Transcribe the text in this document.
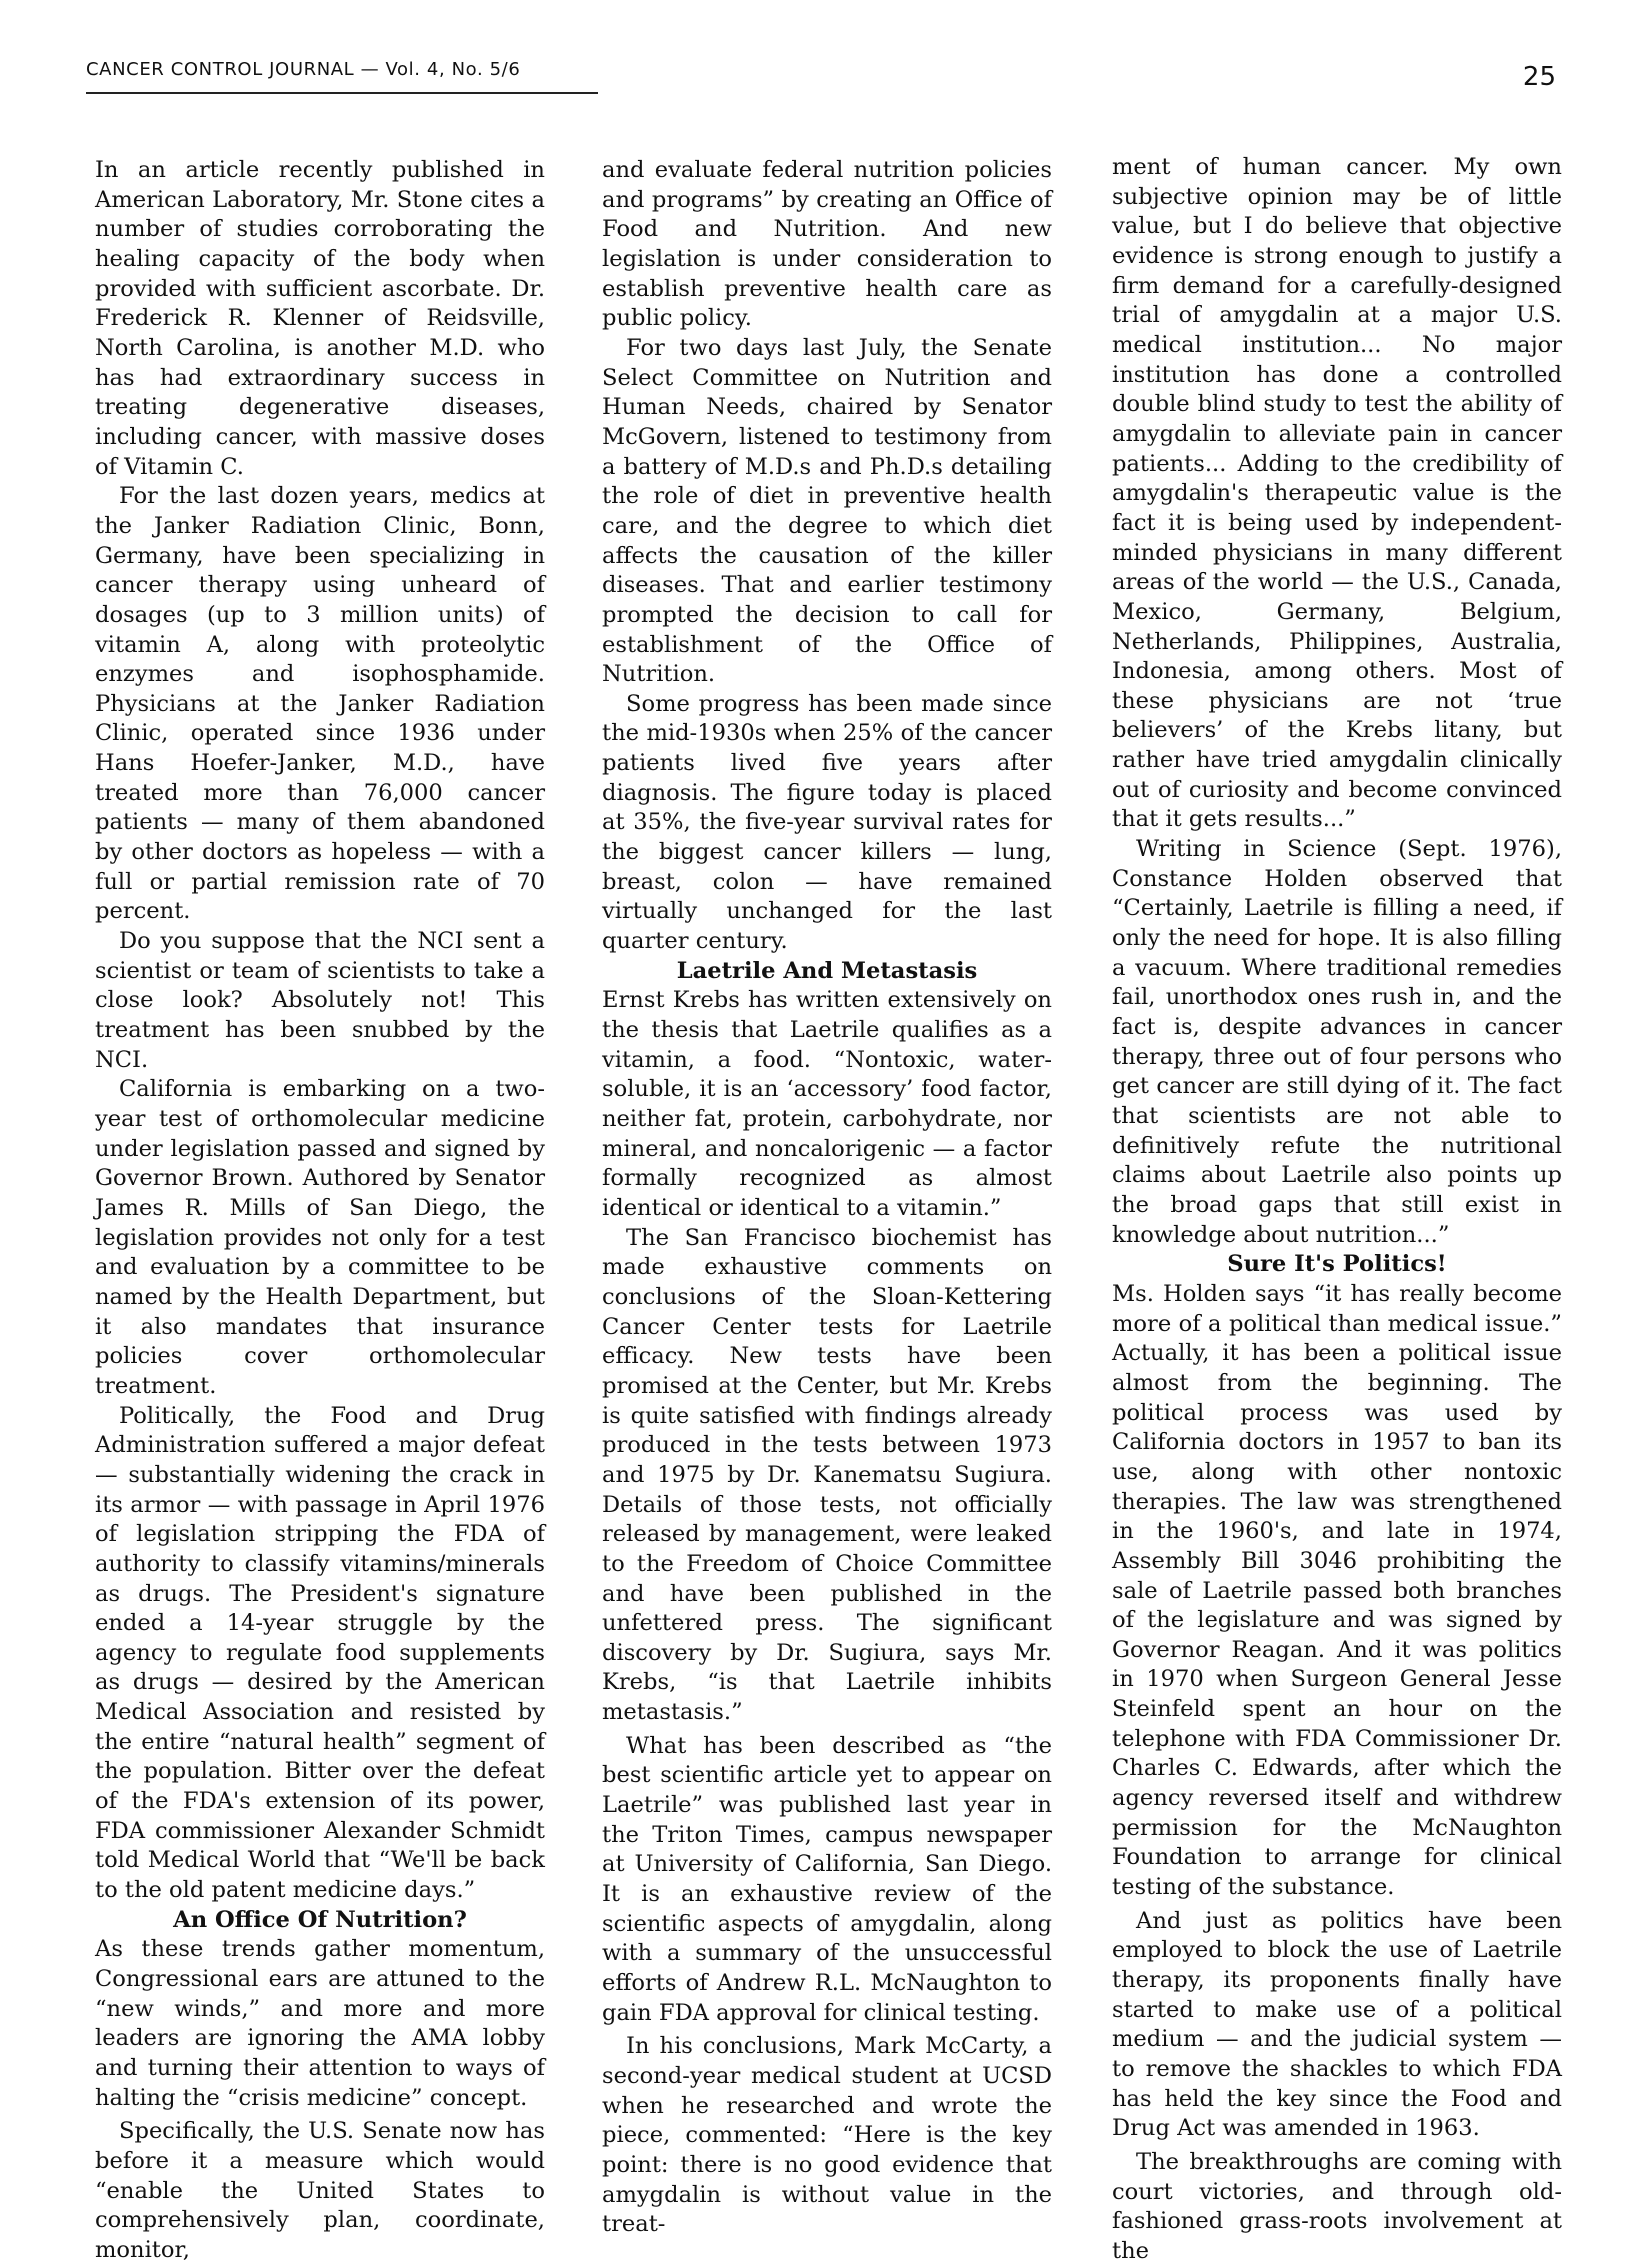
CANCER CONTROL JOURNAL — Vol. 4, No. 5/6	25

In an article recently published in American Laboratory, Mr. Stone cites a number of studies corroborating the healing capacity of the body when provided with sufficient ascorbate. Dr. Frederick R. Klenner of Reidsville, North Carolina, is another M.D. who has had extraordinary success in treating degenerative diseases, including cancer, with massive doses of Vitamin C.

For the last dozen years, medics at the Janker Radiation Clinic, Bonn, Germany, have been specializing in cancer therapy using unheard of dosages (up to 3 million units) of vitamin A, along with proteolytic enzymes and isophosphamide. Physicians at the Janker Radiation Clinic, operated since 1936 under Hans Hoefer-Janker, M.D., have treated more than 76,000 cancer patients — many of them abandoned by other doctors as hopeless — with a full or partial remission rate of 70 percent.

Do you suppose that the NCI sent a scientist or team of scientists to take a close look? Absolutely not! This treatment has been snubbed by the NCI.

California is embarking on a two-year test of orthomolecular medicine under legislation passed and signed by Governor Brown. Authored by Senator James R. Mills of San Diego, the legislation provides not only for a test and evaluation by a committee to be named by the Health Department, but it also mandates that insurance policies cover orthomolecular treatment.

Politically, the Food and Drug Administration suffered a major defeat — substantially widening the crack in its armor — with passage in April 1976 of legislation stripping the FDA of authority to classify vitamins/minerals as drugs. The President's signature ended a 14-year struggle by the agency to regulate food supplements as drugs — desired by the American Medical Association and resisted by the entire “natural health” segment of the population. Bitter over the defeat of the FDA's extension of its power, FDA commissioner Alexander Schmidt told Medical World that “We'll be back to the old patent medicine days.”

An Office Of Nutrition?

As these trends gather momentum, Congressional ears are attuned to the “new winds,” and more and more leaders are ignoring the AMA lobby and turning their attention to ways of halting the “crisis medicine” concept.

Specifically, the U.S. Senate now has before it a measure which would “enable the United States to comprehensively plan, coordinate, monitor,

and evaluate federal nutrition policies and programs” by creating an Office of Food and Nutrition. And new legislation is under consideration to establish preventive health care as public policy.

For two days last July, the Senate Select Committee on Nutrition and Human Needs, chaired by Senator McGovern, listened to testimony from a battery of M.D.s and Ph.D.s detailing the role of diet in preventive health care, and the degree to which diet affects the causation of the killer diseases. That and earlier testimony prompted the decision to call for establishment of the Office of Nutrition.

Some progress has been made since the mid-1930s when 25% of the cancer patients lived five years after diagnosis. The figure today is placed at 35%, the five-year survival rates for the biggest cancer killers — lung, breast, colon — have remained virtually unchanged for the last quarter century.

Laetrile And Metastasis

Ernst Krebs has written extensively on the thesis that Laetrile qualifies as a vitamin, a food. “Nontoxic, water-soluble, it is an ‘accessory’ food factor, neither fat, protein, carbohydrate, nor mineral, and noncalorigenic — a factor formally recognized as almost identical or identical to a vitamin.”

The San Francisco biochemist has made exhaustive comments on conclusions of the Sloan-Kettering Cancer Center tests for Laetrile efficacy. New tests have been promised at the Center, but Mr. Krebs is quite satisfied with findings already produced in the tests between 1973 and 1975 by Dr. Kanematsu Sugiura. Details of those tests, not officially released by management, were leaked to the Freedom of Choice Committee and have been published in the unfettered press. The significant discovery by Dr. Sugiura, says Mr. Krebs, “is that Laetrile inhibits metastasis.”

What has been described as “the best scientific article yet to appear on Laetrile” was published last year in the Triton Times, campus newspaper at University of California, San Diego. It is an exhaustive review of the scientific aspects of amygdalin, along with a summary of the unsuccessful efforts of Andrew R.L. McNaughton to gain FDA approval for clinical testing.

In his conclusions, Mark McCarty, a second-year medical student at UCSD when he researched and wrote the piece, commented: “Here is the key point: there is no good evidence that amygdalin is without value in the treat-

ment of human cancer. My own subjective opinion may be of little value, but I do believe that objective evidence is strong enough to justify a firm demand for a carefully-designed trial of amygdalin at a major U.S. medical institution... No major institution has done a controlled double blind study to test the ability of amygdalin to alleviate pain in cancer patients... Adding to the credibility of amygdalin's therapeutic value is the fact it is being used by independent-minded physicians in many different areas of the world — the U.S., Canada, Mexico, Germany, Belgium, Netherlands, Philippines, Australia, Indonesia, among others. Most of these physicians are not ‘true believers’ of the Krebs litany, but rather have tried amygdalin clinically out of curiosity and become convinced that it gets results...”

Writing in Science (Sept. 1976), Constance Holden observed that “Certainly, Laetrile is filling a need, if only the need for hope. It is also filling a vacuum. Where traditional remedies fail, unorthodox ones rush in, and the fact is, despite advances in cancer therapy, three out of four persons who get cancer are still dying of it. The fact that scientists are not able to definitively refute the nutritional claims about Laetrile also points up the broad gaps that still exist in knowledge about nutrition...”

Sure It's Politics!

Ms. Holden says “it has really become more of a political than medical issue.” Actually, it has been a political issue almost from the beginning. The political process was used by California doctors in 1957 to ban its use, along with other nontoxic therapies. The law was strengthened in the 1960's, and late in 1974, Assembly Bill 3046 prohibiting the sale of Laetrile passed both branches of the legislature and was signed by Governor Reagan. And it was politics in 1970 when Surgeon General Jesse Steinfeld spent an hour on the telephone with FDA Commissioner Dr. Charles C. Edwards, after which the agency reversed itself and withdrew permission for the McNaughton Foundation to arrange for clinical testing of the substance.

And just as politics have been employed to block the use of Laetrile therapy, its proponents finally have started to make use of a political medium — and the judicial system — to remove the shackles to which FDA has held the key since the Food and Drug Act was amended in 1963.

The breakthroughs are coming with court victories, and through old-fashioned grass-roots involvement at the
